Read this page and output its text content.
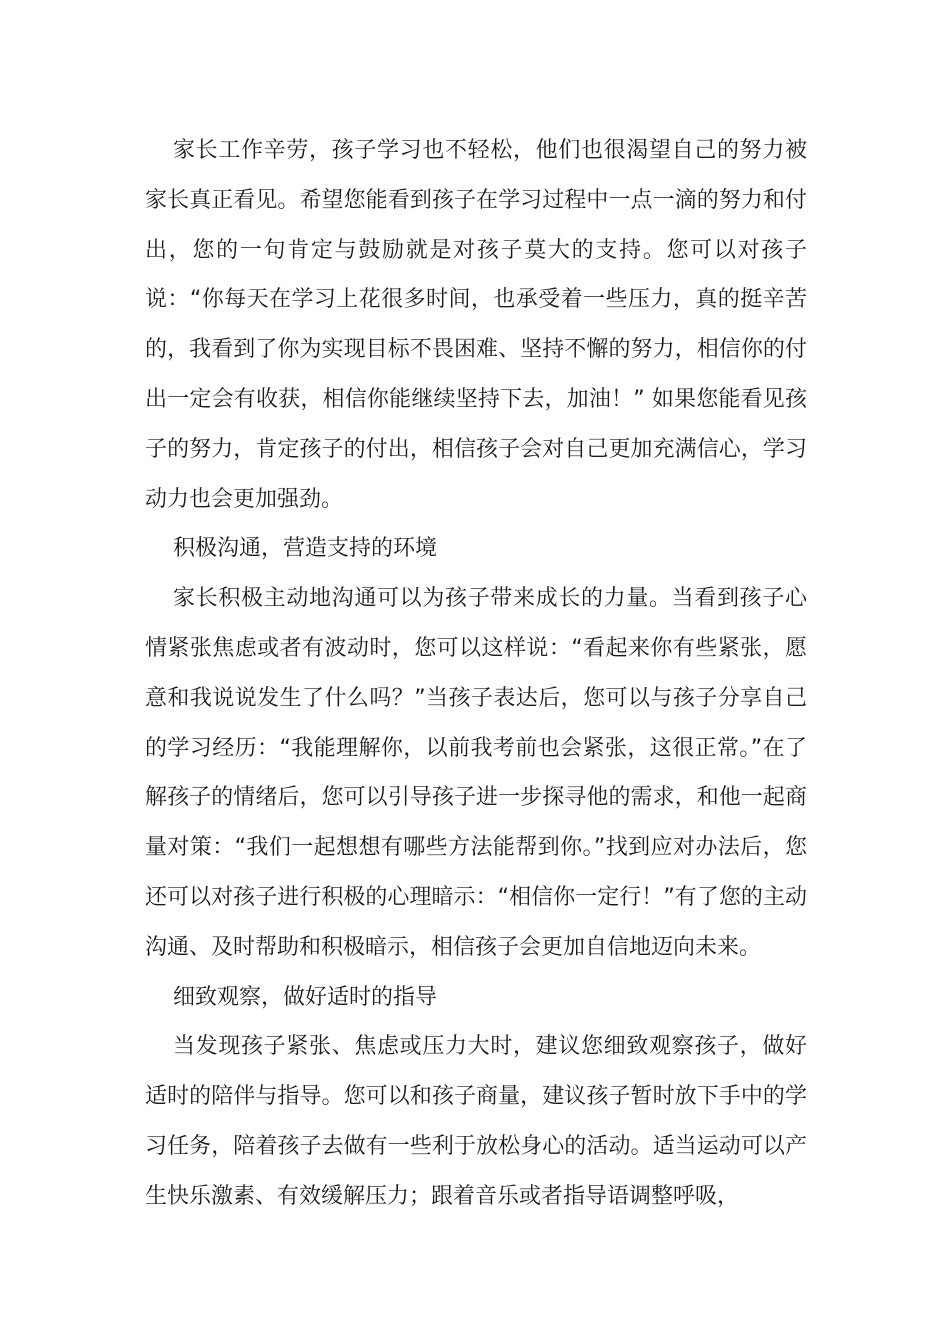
家长工作辛劳，孩子学习也不轻松，他们也很渴望自己的努力被家长真正看见。希望您能看到孩子在学习过程中一点一滴的努力和付出，您的一句肯定与鼓励就是对孩子莫大的支持。您可以对孩子说：“你每天在学习上花很多时间，也承受着一些压力，真的挺辛苦的，我看到了你为实现目标不畏困难、坚持不懈的努力，相信你的付出一定会有收获，相信你能继续坚持下去，加油！” 如果您能看见孩子的努力，肯定孩子的付出，相信孩子会对自己更加充满信心，学习动力也会更加强劲。

积极沟通，营造支持的环境

家长积极主动地沟通可以为孩子带来成长的力量。当看到孩子心情紧张焦虑或者有波动时，您可以这样说：“看起来你有些紧张，愿意和我说说发生了什么吗？”当孩子表达后，您可以与孩子分享自己的学习经历：“我能理解你，以前我考前也会紧张，这很正常。”在了解孩子的情绪后，您可以引导孩子进一步探寻他的需求，和他一起商量对策：“我们一起想想有哪些方法能帮到你。”找到应对办法后，您还可以对孩子进行积极的心理暗示：“相信你一定行！”有了您的主动沟通、及时帮助和积极暗示，相信孩子会更加自信地迈向未来。

细致观察，做好适时的指导

当发现孩子紧张、焦虑或压力大时，建议您细致观察孩子，做好适时的陪伴与指导。您可以和孩子商量，建议孩子暂时放下手中的学习任务，陪着孩子去做有一些利于放松身心的活动。适当运动可以产生快乐激素、有效缓解压力；跟着音乐或者指导语调整呼吸，
